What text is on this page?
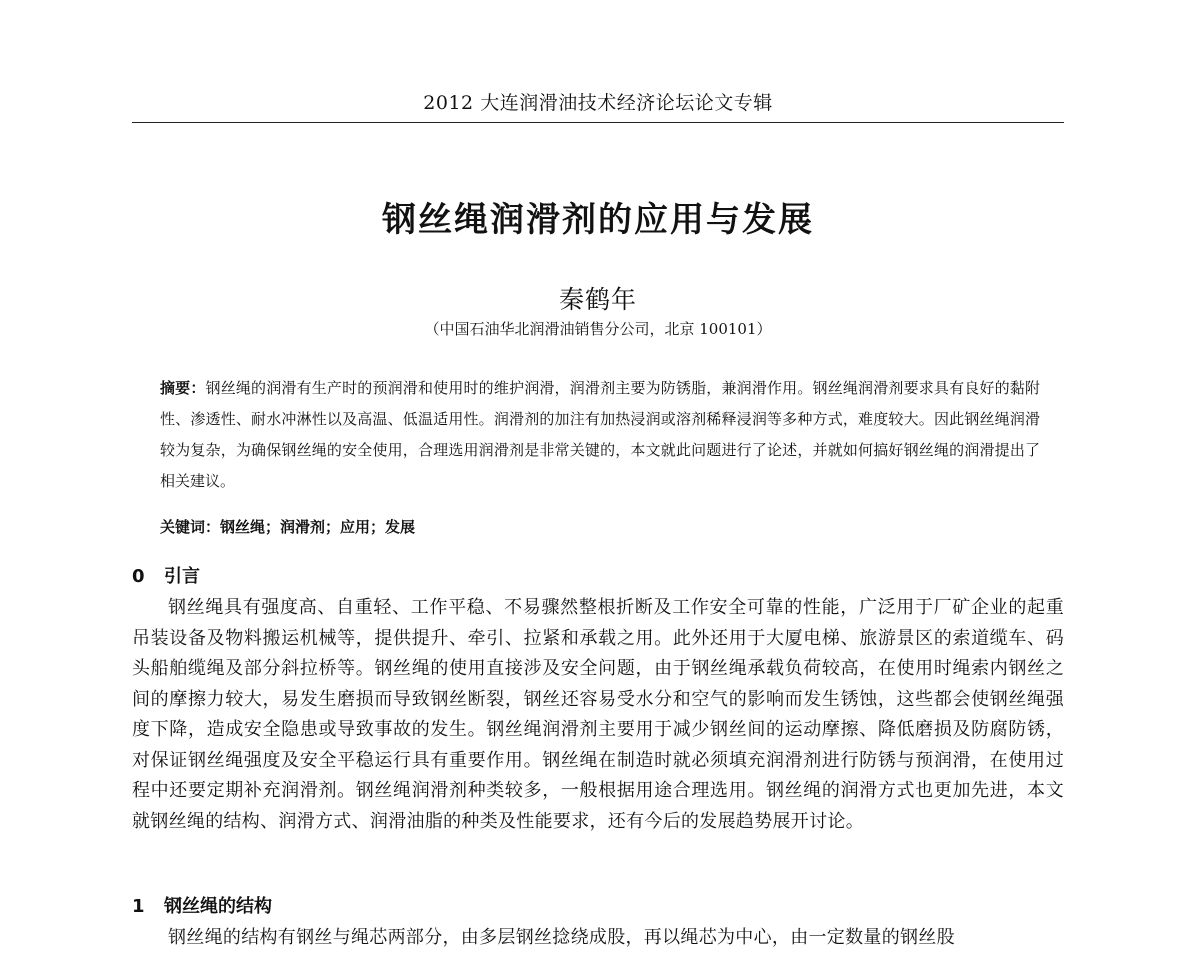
2012 大连润滑油技术经济论坛论文专辑
钢丝绳润滑剂的应用与发展
秦鹤年
（中国石油华北润滑油销售分公司，北京 100101）
摘要：钢丝绳的润滑有生产时的预润滑和使用时的维护润滑，润滑剂主要为防锈脂，兼润滑作用。钢丝绳润滑剂要求具有良好的黏附性、渗透性、耐水冲淋性以及高温、低温适用性。润滑剂的加注有加热浸润或溶剂稀释浸润等多种方式，难度较大。因此钢丝绳润滑较为复杂，为确保钢丝绳的安全使用，合理选用润滑剂是非常关键的，本文就此问题进行了论述，并就如何搞好钢丝绳的润滑提出了相关建议。
关键词：钢丝绳；润滑剂；应用；发展
0 引言
钢丝绳具有强度高、自重轻、工作平稳、不易骤然整根折断及工作安全可靠的性能，广泛用于厂矿企业的起重吊装设备及物料搬运机械等，提供提升、牵引、拉紧和承载之用。此外还用于大厦电梯、旅游景区的索道缆车、码头船舶缆绳及部分斜拉桥等。钢丝绳的使用直接涉及安全问题，由于钢丝绳承载负荷较高，在使用时绳索内钢丝之间的摩擦力较大，易发生磨损而导致钢丝断裂，钢丝还容易受水分和空气的影响而发生锈蚀，这些都会使钢丝绳强度下降，造成安全隐患或导致事故的发生。钢丝绳润滑剂主要用于减少钢丝间的运动摩擦、降低磨损及防腐防锈，对保证钢丝绳强度及安全平稳运行具有重要作用。钢丝绳在制造时就必须填充润滑剂进行防锈与预润滑，在使用过程中还要定期补充润滑剂。钢丝绳润滑剂种类较多，一般根据用途合理选用。钢丝绳的润滑方式也更加先进，本文就钢丝绳的结构、润滑方式、润滑油脂的种类及性能要求，还有今后的发展趋势展开讨论。
1 钢丝绳的结构
钢丝绳的结构有钢丝与绳芯两部分，由多层钢丝捻绕成股，再以绳芯为中心，由一定数量的钢丝股
